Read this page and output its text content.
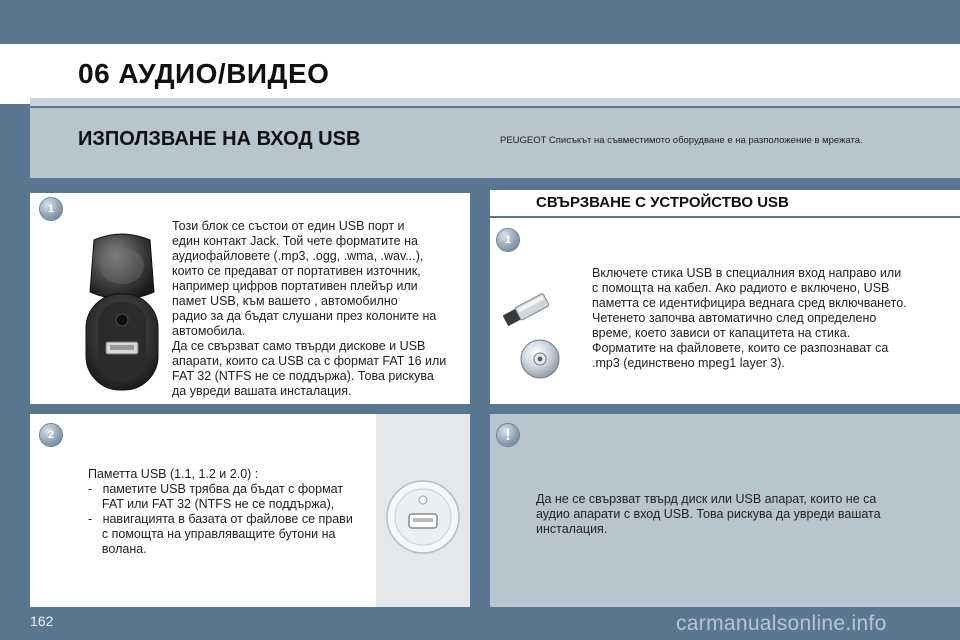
06 АУДИО/ВИДЕО
ИЗПОЛЗВАНЕ НА ВХОД USB	PEUGEOT Списъкът на съвместимото оборудване е на разположение в мрежата.
1
Този блок се състои от един USB порт и
един контакт Jack. Той чете форматите на
аудиофайловете (.mp3, .ogg, .wma, .wav...),
които се предават от портативен източник,
например цифров портативен плейър или
памет USB, към вашето , автомобилно
радио за да бъдат слушани през колоните на
автомобила.
Да се свързват само твърди дискове и USB
апарати, които са USB са с формат FAT 16 или
FAT 32 (NTFS не се поддържа). Това рискува
да увреди вашата инсталация.
2
Паметта USB (1.1, 1.2 и 2.0) :
-   паметите USB трябва да бъдат с формат
FAT или FAT 32 (NTFS не се поддържа),
-   навигацията в базата от файлове се прави
с помощта на управляващите бутони на
волана.
СВЪРЗВАНЕ С УСТРОЙСТВО USB
1
Включете стика USB в специалния вход направо или
с помощта на кабел. Ако радиото е включено, USB
паметта се идентифицира веднага сред включването.
Четенето започва автоматично след определено
време, което зависи от капацитета на стика.
Форматите на файловете, които се разпознават са
.mp3 (единствено mpeg1 layer 3).
!
Да не се свързват твърд диск или USB апарат, които не са
аудио апарати с вход USB. Това рискува да увреди вашата
инсталация.
162	carmanualsonline.info
